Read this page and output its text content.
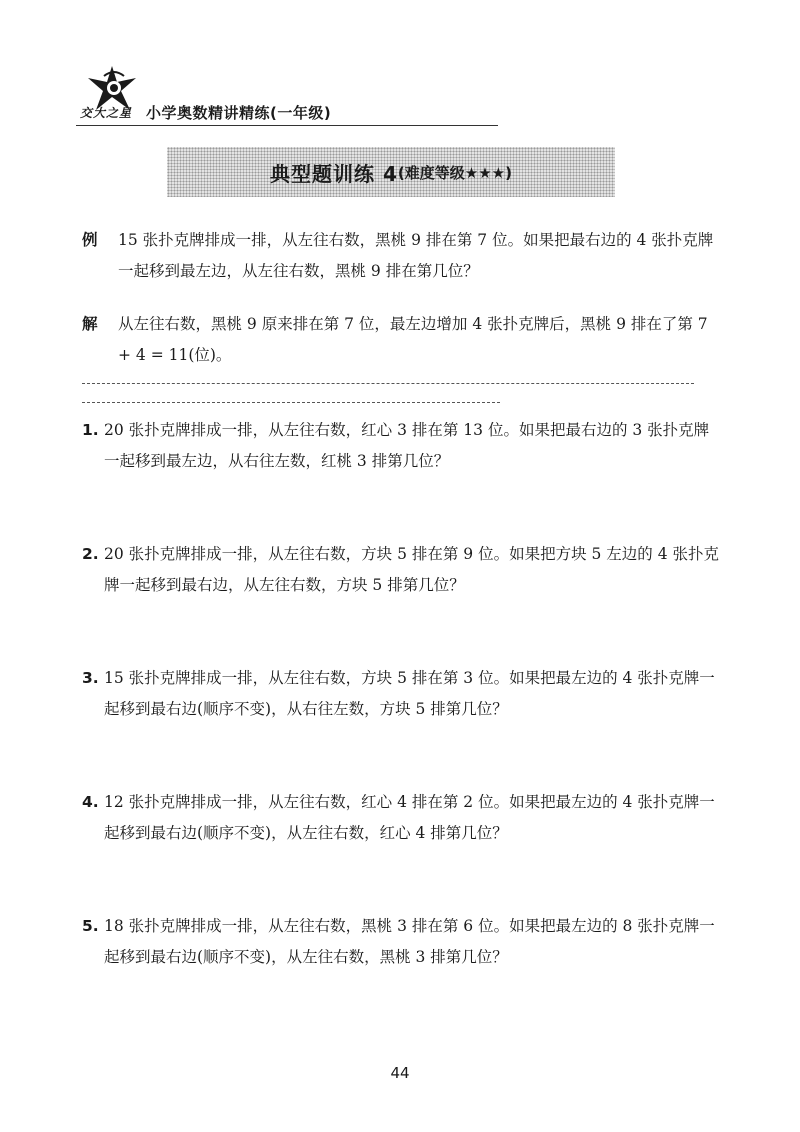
交大之星 小学奥数精讲精练(一年级)
典型题训练 4 (难度等级★★★)
例 15 张扑克牌排成一排，从左往右数，黑桃 9 排在第 7 位。如果把最右边的 4 张扑克牌一起移到最左边，从左往右数，黑桃 9 排在第几位？
解 从左往右数，黑桃 9 原来排在第 7 位，最左边增加 4 张扑克牌后，黑桃 9 排在了第 7 + 4 = 11(位)。
1. 20 张扑克牌排成一排，从左往右数，红心 3 排在第 13 位。如果把最右边的 3 张扑克牌一起移到最左边，从右往左数，红桃 3 排第几位？
2. 20 张扑克牌排成一排，从左往右数，方块 5 排在第 9 位。如果把方块 5 左边的 4 张扑克牌一起移到最右边，从左往右数，方块 5 排第几位？
3. 15 张扑克牌排成一排，从左往右数，方块 5 排在第 3 位。如果把最左边的 4 张扑克牌一起移到最右边(顺序不变)，从右往左数，方块 5 排第几位？
4. 12 张扑克牌排成一排，从左往右数，红心 4 排在第 2 位。如果把最左边的 4 张扑克牌一起移到最右边(顺序不变)，从左往右数，红心 4 排第几位？
5. 18 张扑克牌排成一排，从左往右数，黑桃 3 排在第 6 位。如果把最左边的 8 张扑克牌一起移到最右边(顺序不变)，从左往右数，黑桃 3 排第几位？
44
